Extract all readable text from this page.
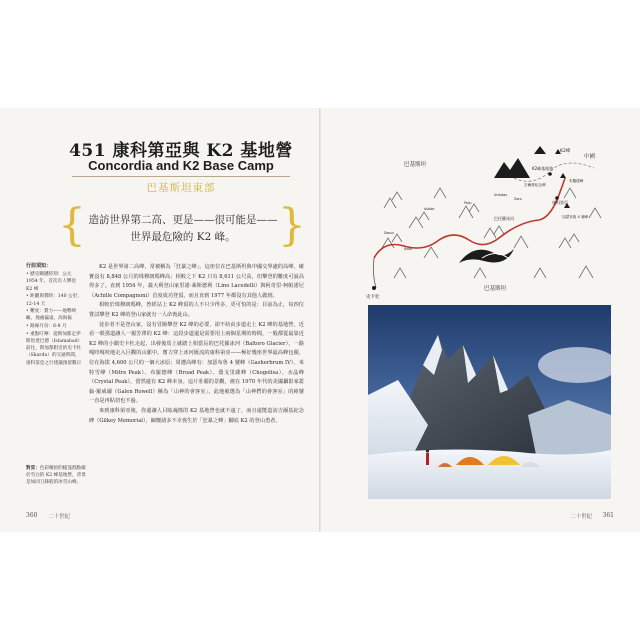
451 康科第亞與 K2 基地營
Concordia and K2 Base Camp
巴基斯坦東部
{ 造訪世界第二高、更是——很可能是——世界最危險的 K2 峰。 }
行前須知：
• 歷史關鍵時刻：公元 1954 年，首次有人攀登 K2 峰
• 距離與費時：140 公里；12-14 天
• 難度：費力——地勢崎嶇，地處偏遠，高海拔
• 路線月份：6-8 月
• 重點叮嚀：從斯加都走伊斯坎達巴德（Islamabad）前往，斯加都附近的史卡杜（Skardu）的交通時間，康科第亞之行建議預留數日
對頁：色彩繽紛的帳篷群點綴於雪白的 K2 峰基地營，背景是如同刀鋒般的冰雪山峰。

K2 是世界第二高峰，常被稱為「狂暴之峰」。這座位在巴基斯坦與中國交界處的高峰，確實沒有 8,848 公尺的珠穆朗瑪峰高；相較之下 K2 只有 8,611 公尺高，但攀登的難度可說高得多了。直到 1954 年，義大利登山家里諾·萊斯德利（Lino Lacedelli）與阿奇里·柯帕諾尼（Achille Compagnoni）首度成功登頂，而且直到 1977 年都沒有其他人做到。

相較於珠穆朗瑪峰，曾經站上 K2 峰頂的人不只少得多，更可怕的是：目前為止，每四位嘗試攀登 K2 峰的登山家就有一人命喪此山。

徒步者不是登山家，沒有冒險攀登 K2 峰的必要，卻不妨由步道走上 K2 峰的基地營，近看一眼那道讓人一親芳澤的 K2 峰：這段步道還是需要用上兩個星期的時間，一般都從最靠近 K2 峰的小鎮史卡杜走起，出發後馬上就踏上相當長的巴托羅冰河（Baltoro Glacier），一路嘎吱嘎吱地走入巨觀的山脈中。奮力穿上冰河匯流的康科第亞——極好幾座世界最高峰包圍，位在海拔 4,600 公尺的一個大冰原；周遭高峰有：加瑟布魯 4 號峰（Gasherbrum IV）、米特雪峰（Mitre Peak）、布羅德峰（Broad Peak）、喬戈里薩峰（Chogolisa）、水晶峰（Crystal Peak），當然還有 K2 峰本身。這片壯麗的景觀，被在 1970 年代的美國攝影家蓋倫·羅威爾（Galen Rowell）稱為「山神的會客室」，此地被選為「山神們的會客室」的綽號一直是再貼切也不過。

來到康科第亞後，你還讓人目眩魂搖的 K2 基地營也就不遠了，而且還能造訪吉爾基紀念碑（Gilkey Memorial），緬懷諸多不幸喪生於「狂暴之峰」腳底 K2 的登山勇者。

360 二十世紀
中國
巴基斯坦
巴基斯坦
K2峰
K2峰基地營
吉爾基紀念碑
布羅德峰
康科第亞
加瑟布魯 4 號峰
巴托羅冰河
史卡杜
Askole
Paiju
Urdukas
Goro
Jhola
Dassu
361
二十世紀
